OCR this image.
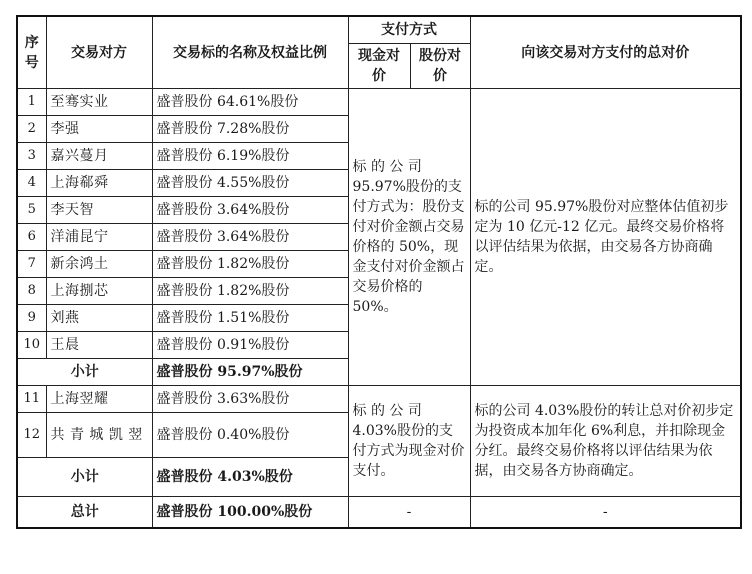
序号	交易对方	交易标的名称及权益比例	支付方式		向该交易对方支付的总对价
			现金对价	股份对价	
1	至骞实业	盛普股份 64.61%股份	标 的 公 司 95.97%股份的支付方式为：股份支付对价金额占交易价格的 50%，现金支付对价金额占交易价格的 50%。		标的公司 95.97%股份对应整体估值初步定为 10 亿元-12 亿元。最终交易价格将以评估结果为依据，由交易各方协商确定。
2	李强	盛普股份 7.28%股份			
3	嘉兴蔓月	盛普股份 6.19%股份			
4	上海郗舜	盛普股份 4.55%股份			
5	李天智	盛普股份 3.64%股份			
6	洋浦昆宁	盛普股份 3.64%股份			
7	新余鸿土	盛普股份 1.82%股份			
8	上海捌芯	盛普股份 1.82%股份			
9	刘燕	盛普股份 1.51%股份			
10	王晨	盛普股份 0.91%股份			
小计		盛普股份 95.97%股份			
11	上海翌耀	盛普股份 3.63%股份	标 的 公 司 4.03%股份的支付方式为现金对价支付。		标的公司 4.03%股份的转让总对价初步定为投资成本加年化 6%利息，并扣除现金分红。最终交易价格将以评估结果为依据，由交易各方协商确定。
12	共 青 城 凯 翌	盛普股份 0.40%股份			
小计		盛普股份 4.03%股份			
总计		盛普股份 100.00%股份	-		-
